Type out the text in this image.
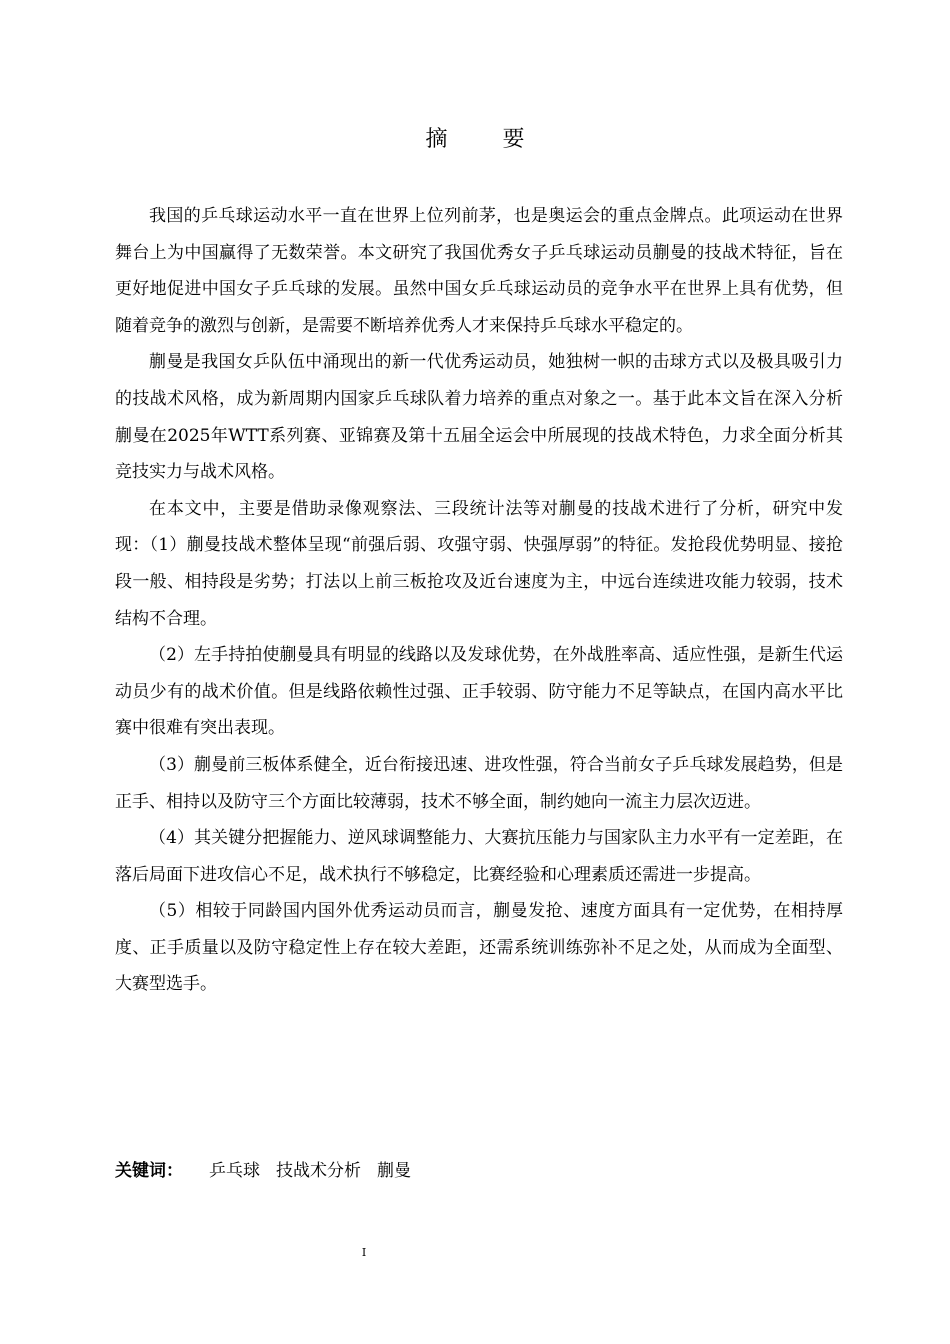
摘 要

我国的乒乓球运动水平一直在世界上位列前茅，也是奥运会的重点金牌点。此项运动在世界舞台上为中国赢得了无数荣誉。本文研究了我国优秀女子乒乓球运动员蒯曼的技战术特征，旨在更好地促进中国女子乒乓球的发展。虽然中国女乒乓球运动员的竞争水平在世界上具有优势，但随着竞争的激烈与创新，是需要不断培养优秀人才来保持乒乓球水平稳定的。

蒯曼是我国女乒队伍中涌现出的新一代优秀运动员，她独树一帜的击球方式以及极具吸引力的技战术风格，成为新周期内国家乒乓球队着力培养的重点对象之一。基于此本文旨在深入分析蒯曼在2025年WTT系列赛、亚锦赛及第十五届全运会中所展现的技战术特色，力求全面分析其竞技实力与战术风格。

在本文中，主要是借助录像观察法、三段统计法等对蒯曼的技战术进行了分析，研究中发现：（1）蒯曼技战术整体呈现“前强后弱、攻强守弱、快强厚弱”的特征。发抢段优势明显、接抢段一般、相持段是劣势；打法以上前三板抢攻及近台速度为主，中远台连续进攻能力较弱，技术结构不合理。

（2）左手持拍使蒯曼具有明显的线路以及发球优势，在外战胜率高、适应性强，是新生代运动员少有的战术价值。但是线路依赖性过强、正手较弱、防守能力不足等缺点，在国内高水平比赛中很难有突出表现。

（3）蒯曼前三板体系健全，近台衔接迅速、进攻性强，符合当前女子乒乓球发展趋势，但是正手、相持以及防守三个方面比较薄弱，技术不够全面，制约她向一流主力层次迈进。

（4）其关键分把握能力、逆风球调整能力、大赛抗压能力与国家队主力水平有一定差距，在落后局面下进攻信心不足，战术执行不够稳定，比赛经验和心理素质还需进一步提高。

（5）相较于同龄国内国外优秀运动员而言，蒯曼发抢、速度方面具有一定优势，在相持厚度、正手质量以及防守稳定性上存在较大差距，还需系统训练弥补不足之处，从而成为全面型、大赛型选手。

关键词： 乒乓球 技战术分析 蒯曼
I
